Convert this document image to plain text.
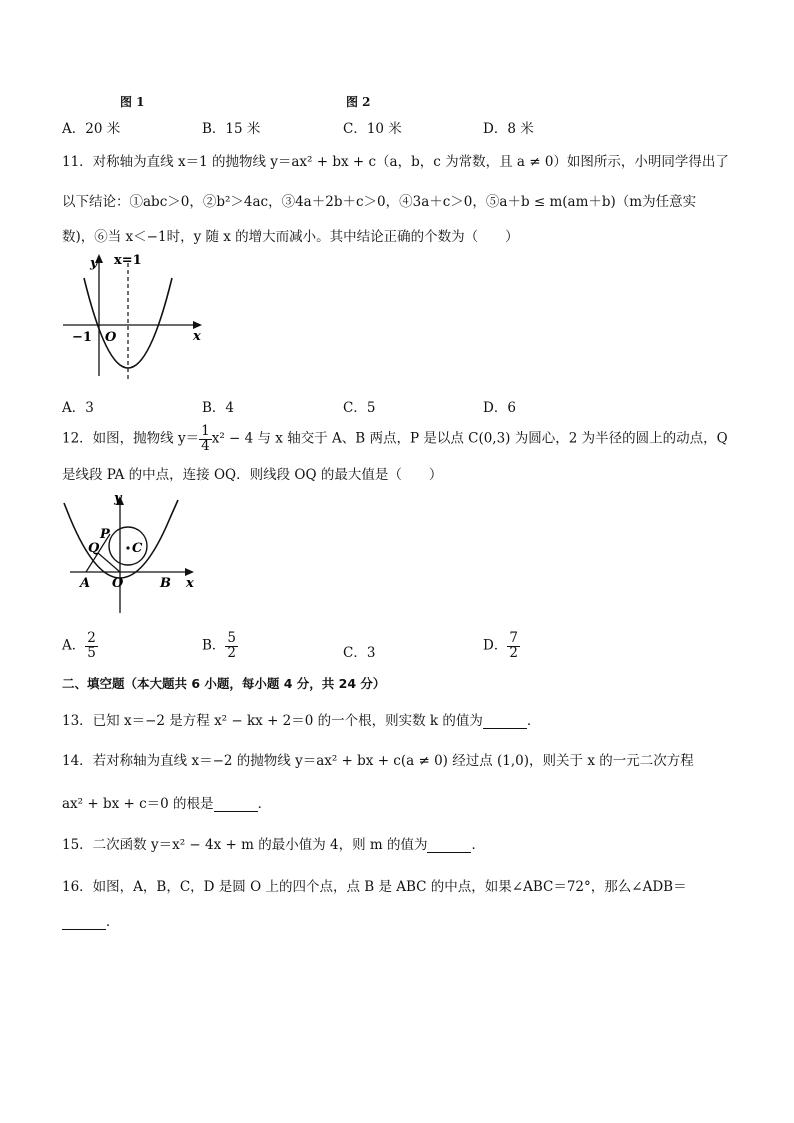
图 1	图 2
A．20 米	B．15 米	C．10 米	D．8 米
11．对称轴为直线 x＝1 的抛物线 y＝ax² + bx + c（a，b，c 为常数，且 a ≠ 0）如图所示，小明同学得出了
以下结论：①abc＞0，②b²＞4ac，③4a＋2b＋c＞0，④3a＋c＞0，⑤a＋b ≤ m(am＋b)（m为任意实
数)，⑥当 x＜−1时，y 随 x 的增大而减小。其中结论正确的个数为（　　）
y x=1
x
−1 O
A．3	B．4	C．5	D．6
12．如图，抛物线 $y= \frac{1}{4} x^2 - 4$ 与 x 轴交于 A、B 两点，P 是以点 C(0,3) 为圆心，2 为半径的圆上的动点，Q
是线段 PA 的中点，连接 OQ．则线段 OQ 的最大值是（　　）
y
x
P
Q	C
A O	B
A． $\frac{2}{5}$	B． $\frac{5}{2}$	C．3	D． $\frac{7}{2}$
二、填空题（本大题共 6 小题，每小题 4 分，共 24 分）
13．已知 x＝−2 是方程 x² − kx + 2＝0 的一个根，则实数 k 的值为	．
14．若对称轴为直线 x＝−2 的抛物线 y＝ax² + bx + c(a ≠ 0) 经过点 (1,0)，则关于 x 的一元二次方程
ax² + bx + c＝0 的根是	．
15．二次函数 y＝x² − 4x + m 的最小值为 4，则 m 的值为	．
16．如图，A，B，C，D 是圆 O 上的四个点，点 B 是 ABC 的中点，如果∠ABC＝72°，那么∠ADB＝
．
